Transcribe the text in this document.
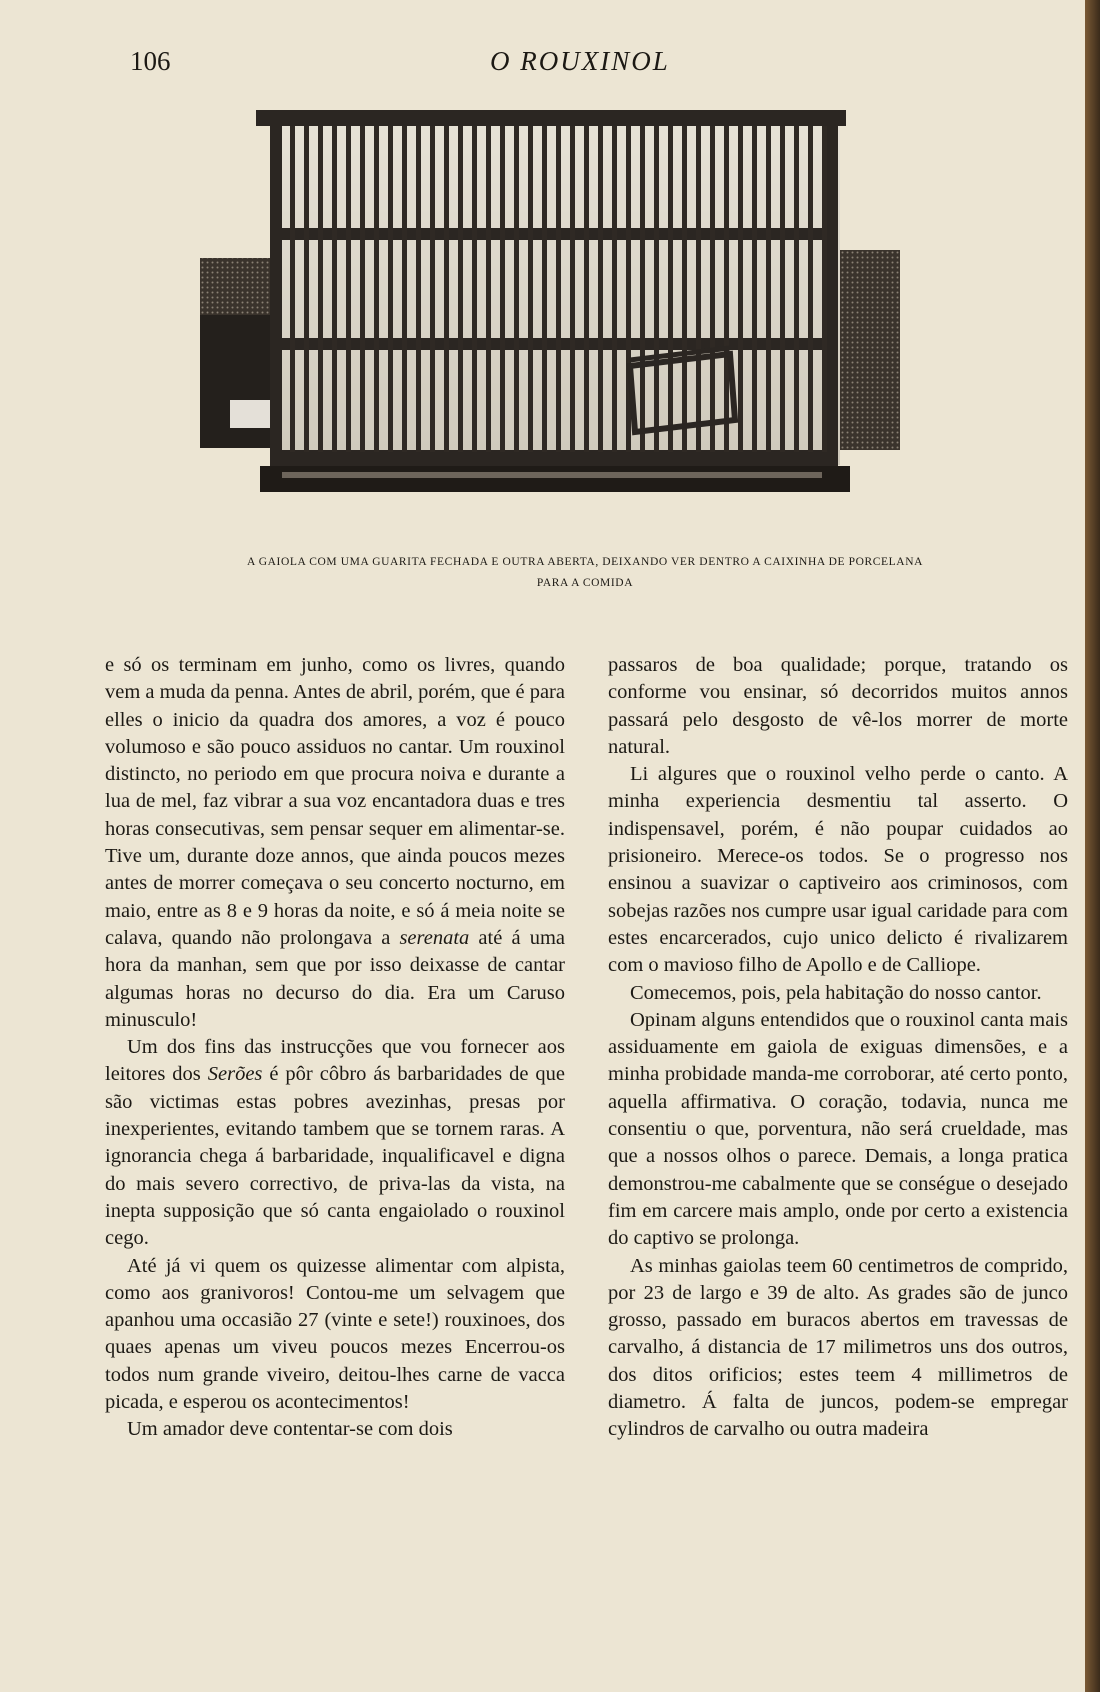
106	O ROUXINOL
A GAIOLA COM UMA GUARITA FECHADA E OUTRA ABERTA, DEIXANDO VER DENTRO A CAIXINHA DE PORCELANA
PARA A COMIDA

e só os terminam em junho, como os livres, quando vem a muda da penna. Antes de abril, porém, que é para elles o inicio da quadra dos amores, a voz é pouco volumoso e são pouco assiduos no cantar. Um rouxinol distincto, no periodo em que procura noiva e durante a lua de mel, faz vibrar a sua voz encantadora duas e tres horas consecutivas, sem pensar sequer em alimentar-se. Tive um, durante doze annos, que ainda poucos mezes antes de morrer começava o seu concerto nocturno, em maio, entre as 8 e 9 horas da noite, e só á meia noite se calava, quando não prolongava a serenata até á uma hora da manhan, sem que por isso deixasse de cantar algumas horas no decurso do dia. Era um Caruso minusculo!

Um dos fins das instrucções que vou fornecer aos leitores dos Serões é pôr côbro ás barbaridades de que são victimas estas pobres avezinhas, presas por inexperientes, evitando tambem que se tornem raras. A ignorancia chega á barbaridade, inqualificavel e digna do mais severo correctivo, de priva-las da vista, na inepta supposição que só canta engaiolado o rouxinol cego.

Até já vi quem os quizesse alimentar com alpista, como aos granivoros! Contou-me um selvagem que apanhou uma occasião 27 (vinte e sete!) rouxinoes, dos quaes apenas um viveu poucos mezes Encerrou-os todos num grande viveiro, deitou-lhes carne de vacca picada, e esperou os acontecimentos!

Um amador deve contentar-se com dois

passaros de boa qualidade; porque, tratando os conforme vou ensinar, só decorridos muitos annos passará pelo desgosto de vê-los morrer de morte natural.

Li algures que o rouxinol velho perde o canto. A minha experiencia desmentiu tal asserto. O indispensavel, porém, é não poupar cuidados ao prisioneiro. Merece-os todos. Se o progresso nos ensinou a suavizar o captiveiro aos criminosos, com sobejas razões nos cumpre usar igual caridade para com estes encarcerados, cujo unico delicto é rivalizarem com o mavioso filho de Apollo e de Calliope.

Comecemos, pois, pela habitação do nosso cantor.

Opinam alguns entendidos que o rouxinol canta mais assiduamente em gaiola de exiguas dimensões, e a minha probidade manda-me corroborar, até certo ponto, aquella affirmativa. O coração, todavia, nunca me consentiu o que, porventura, não será crueldade, mas que a nossos olhos o parece. Demais, a longa pratica demonstrou-me cabalmente que se conségue o desejado fim em carcere mais amplo, onde por certo a existencia do captivo se prolonga.

As minhas gaiolas teem 60 centimetros de comprido, por 23 de largo e 39 de alto. As grades são de junco grosso, passado em buracos abertos em travessas de carvalho, á distancia de 17 milimetros uns dos outros, dos ditos orificios; estes teem 4 millimetros de diametro. Á falta de juncos, podem-se empregar cylindros de carvalho ou outra madeira
